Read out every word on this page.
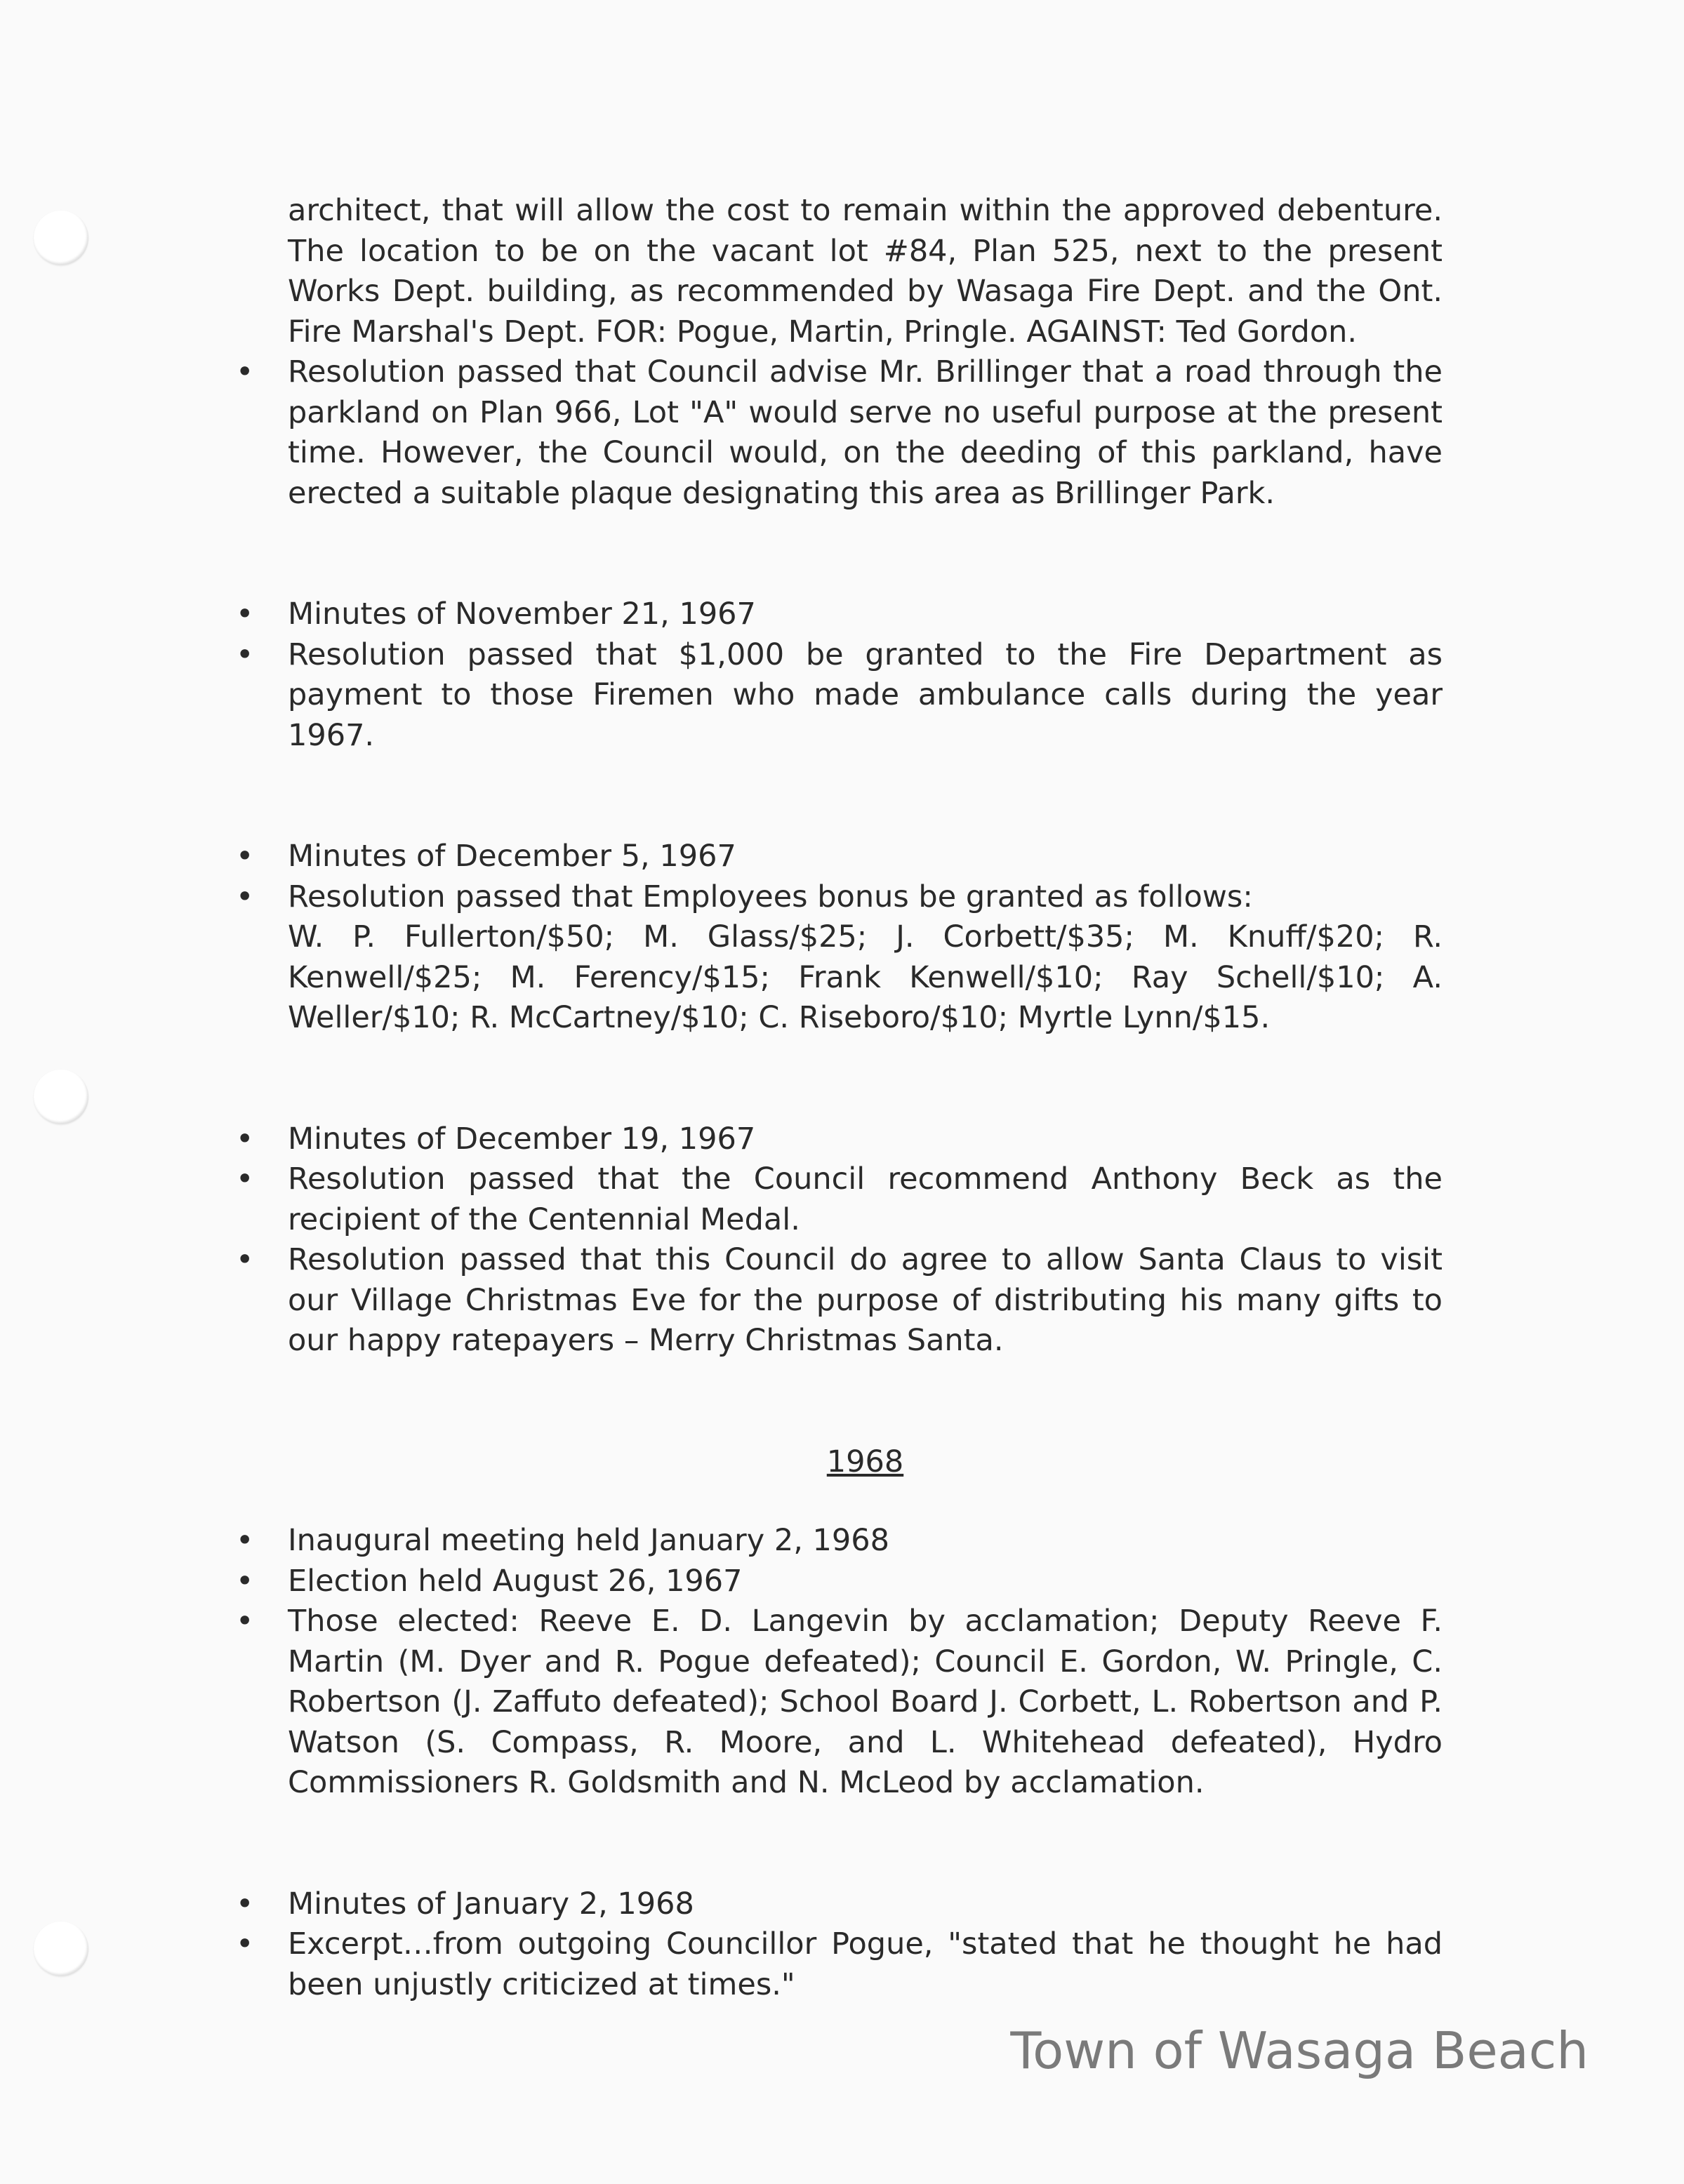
architect, that will allow the cost to remain within the approved debenture. The location to be on the vacant lot #84, Plan 525, next to the present Works Dept. building, as recommended by Wasaga Fire Dept. and the Ont. Fire Marshal's Dept. FOR: Pogue, Martin, Pringle. AGAINST: Ted Gordon.
• Resolution passed that Council advise Mr. Brillinger that a road through the parkland on Plan 966, Lot "A" would serve no useful purpose at the present time. However, the Council would, on the deeding of this parkland, have erected a suitable plaque designating this area as Brillinger Park.
• Minutes of November 21, 1967
• Resolution passed that $1,000 be granted to the Fire Department as payment to those Firemen who made ambulance calls during the year 1967.
• Minutes of December 5, 1967
• Resolution passed that Employees bonus be granted as follows:
W. P. Fullerton/$50; M. Glass/$25; J. Corbett/$35; M. Knuff/$20; R. Kenwell/$25; M. Ferency/$15; Frank Kenwell/$10; Ray Schell/$10; A. Weller/$10; R. McCartney/$10; C. Riseboro/$10; Myrtle Lynn/$15.
• Minutes of December 19, 1967
• Resolution passed that the Council recommend Anthony Beck as the recipient of the Centennial Medal.
• Resolution passed that this Council do agree to allow Santa Claus to visit our Village Christmas Eve for the purpose of distributing his many gifts to our happy ratepayers – Merry Christmas Santa.
1968
• Inaugural meeting held January 2, 1968
• Election held August 26, 1967
• Those elected: Reeve E. D. Langevin by acclamation; Deputy Reeve F. Martin (M. Dyer and R. Pogue defeated); Council E. Gordon, W. Pringle, C. Robertson (J. Zaffuto defeated); School Board J. Corbett, L. Robertson and P. Watson (S. Compass, R. Moore, and L. Whitehead defeated), Hydro Commissioners R. Goldsmith and N. McLeod by acclamation.
• Minutes of January 2, 1968
• Excerpt…from outgoing Councillor Pogue, "stated that he thought he had been unjustly criticized at times."
Town of Wasaga Beach
